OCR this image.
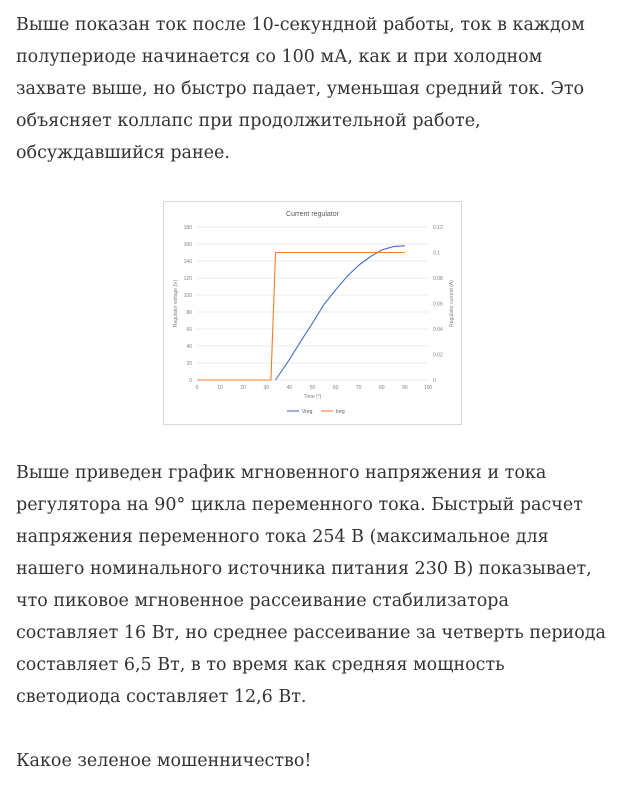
Выше показан ток после 10-секундной работы, ток в каждом полупериоде начинается со 100 мА, как и при холодном захвате выше, но быстро падает, уменьшая средний ток. Это объясняет коллапс при продолжительной работе, обсуждавшийся ранее.

0
20
40
60
80
100
120
140
160
180
0
0.02
0.04
0.06
0.08
0.1
0.12
0	10	20	30	40	50	60	70	80	90	100
Current regulator
Time (°)
Regulator voltage (V)	Regulator current (A)
Vreg	Ireg

Выше приведен график мгновенного напряжения и тока регулятора на 90° цикла переменного тока. Быстрый расчет напряжения переменного тока 254 В (максимальное для нашего номинального источника питания 230 В) показывает, что пиковое мгновенное рассеивание стабилизатора составляет 16 Вт, но среднее рассеивание за четверть периода составляет 6,5 Вт, в то время как средняя мощность светодиода составляет 12,6 Вт.

Какое зеленое мошенничество!
